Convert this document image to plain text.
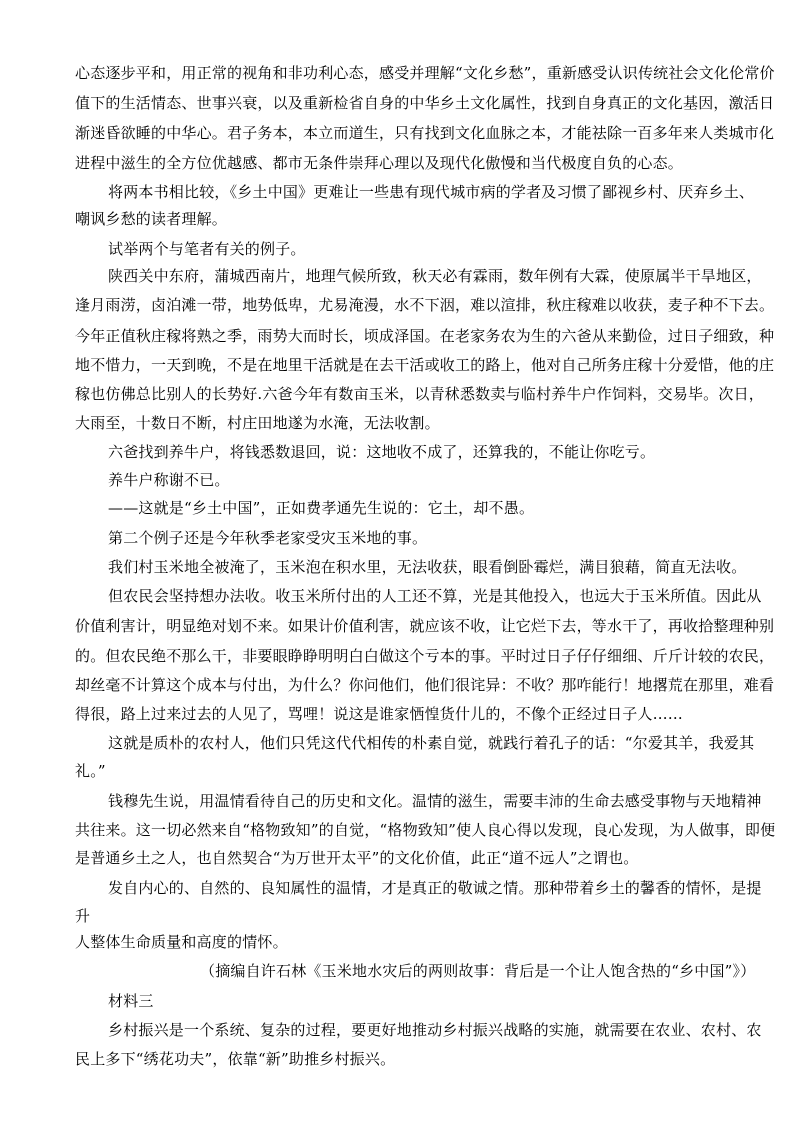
心态逐步平和，用正常的视角和非功利心态，感受并理解“文化乡愁”，重新感受认识传统社会文化伦常价
值下的生活情态、世事兴衰，以及重新检省自身的中华乡土文化属性，找到自身真正的文化基因，激活日
渐迷昏欲睡的中华心。君子务本，本立而道生，只有找到文化血脉之本，才能祛除一百多年来人类城市化
进程中滋生的全方位优越感、都市无条件崇拜心理以及现代化傲慢和当代极度自负的心态。
将两本书相比较，《乡土中国》更难让一些患有现代城市病的学者及习惯了鄙视乡村、厌弃乡土、
嘲讽乡愁的读者理解。
试举两个与笔者有关的例子。
陕西关中东府，蒲城西南片，地理气候所致，秋天必有霖雨，数年例有大霖，使原属半干旱地区，
逢月雨涝，卤泊滩一带，地势低卑，尤易淹漫，水不下洇，难以渲排，秋庄稼难以收获，麦子种不下去。
今年正值秋庄稼将熟之季，雨势大而时长，顷成泽国。在老家务农为生的六爸从来勤俭，过日子细致，种
地不惜力，一天到晚，不是在地里干活就是在去干活或收工的路上，他对自己所务庄稼十分爱惜，他的庄
稼也仿佛总比别人的长势好.六爸今年有数亩玉米，以青秫悉数卖与临村养牛户作饲料，交易毕。次日，
大雨至，十数日不断，村庄田地遂为水淹，无法收割。
六爸找到养牛户，将钱悉数退回，说：这地收不成了，还算我的，不能让你吃亏。
养牛户称谢不已。
——这就是“乡土中国”，正如费孝通先生说的：它土，却不愚。
第二个例子还是今年秋季老家受灾玉米地的事。
我们村玉米地全被淹了，玉米泡在积水里，无法收获，眼看倒卧霉烂，满目狼藉，简直无法收。
但农民会坚持想办法收。收玉米所付出的人工还不算，光是其他投入，也远大于玉米所值。因此从
价值利害计，明显绝对划不来。如果计价值利害，就应该不收，让它烂下去，等水干了，再收拾整理种别
的。但农民绝不那么干，非要眼睁睁明明白白做这个亏本的事。平时过日子仔仔细细、斤斤计较的农民，
却丝毫不计算这个成本与付出，为什么？你问他们，他们很诧异：不收？那咋能行！地撂荒在那里，难看
得很，路上过来过去的人见了，骂哩！说这是谁家恓惶货什儿的，不像个正经过日子人……
这就是质朴的农村人，他们只凭这代代相传的朴素自觉，就践行着孔子的话：“尔爱其羊，我爱其
礼。”
钱穆先生说，用温情看待自己的历史和文化。温情的滋生，需要丰沛的生命去感受事物与天地精神
共往来。这一切必然来自“格物致知”的自觉，“格物致知”使人良心得以发现，良心发现，为人做事，即便
是普通乡土之人，也自然契合“为万世开太平”的文化价值，此正“道不远人”之谓也。
发自内心的、自然的、良知属性的温情，才是真正的敬诚之情。那种带着乡土的馨香的情怀，是提
升
人整体生命质量和高度的情怀。
（摘编自许石林《玉米地水灾后的两则故事：背后是一个让人饱含热的“乡中国”》）
材料三
乡村振兴是一个系统、复杂的过程，要更好地推动乡村振兴战略的实施，就需要在农业、农村、农
民上多下“绣花功夫”，依靠“新”助推乡村振兴。
